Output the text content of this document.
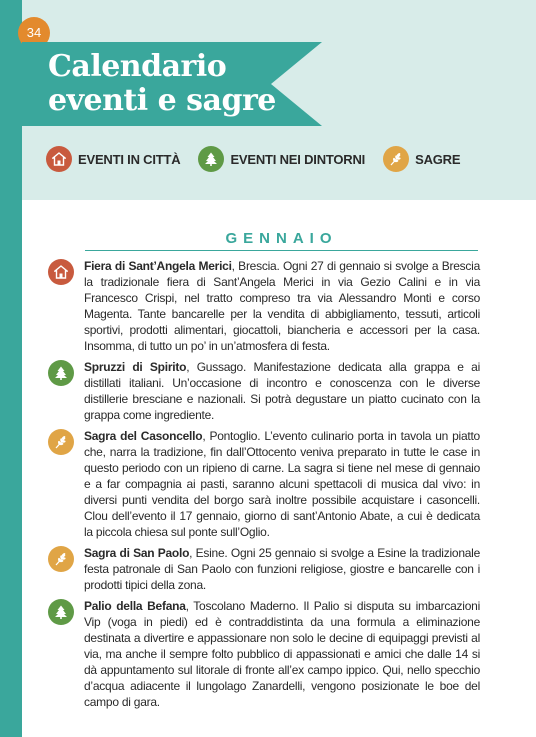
34
Calendario
eventi e sagre
EVENTI IN CITTÀ	EVENTI NEI DINTORNI	SAGRE
GENNAIO

Fiera di Sant’Angela Merici, Brescia. Ogni 27 di gennaio si svolge a Brescia la tradizionale fiera di Sant’Angela Merici in via Gezio Calini e in via Francesco Crispi, nel tratto compreso tra via Alessandro Monti e corso Magenta. Tante bancarelle per la vendita di abbigliamento, tessuti, articoli sportivi, prodotti alimentari, giocattoli, biancheria e accessori per la casa. Insomma, di tutto un po’ in un’atmosfera di festa.

Spruzzi di Spirito, Gussago. Manifestazione dedicata alla grappa e ai distillati italiani. Un’occasione di incontro e conoscenza con le diverse distillerie bresciane e nazionali. Si potrà degustare un piatto cucinato con la grappa come ingrediente.

Sagra del Casoncello, Pontoglio. L’evento culinario porta in tavola un piatto che, narra la tradizione, fin dall’Ottocento veniva preparato in tutte le case in questo periodo con un ripieno di carne. La sagra si tiene nel mese di gennaio e a far compagnia ai pasti, saranno alcuni spettacoli di musica dal vivo: in diversi punti vendita del borgo sarà inoltre possibile acquistare i casoncelli. Clou dell’evento il 17 gennaio, giorno di sant’Antonio Abate, a cui è dedicata la piccola chiesa sul ponte sull’Oglio.

Sagra di San Paolo, Esine. Ogni 25 gennaio si svolge a Esine la tradizionale festa patronale di San Paolo con funzioni religiose, giostre e bancarelle con i prodotti tipici della zona.

Palio della Befana, Toscolano Maderno. Il Palio si disputa su imbarcazioni Vip (voga in piedi) ed è contraddistinta da una formula a eliminazione destinata a divertire e appassionare non solo le decine di equipaggi previsti al via, ma anche il sempre folto pubblico di appassionati e amici che dalle 14 si dà appuntamento sul litorale di fronte all’ex campo ippico. Qui, nello specchio d’acqua adiacente il lungolago Zanardelli, vengono posizionate le boe del campo di gara.
